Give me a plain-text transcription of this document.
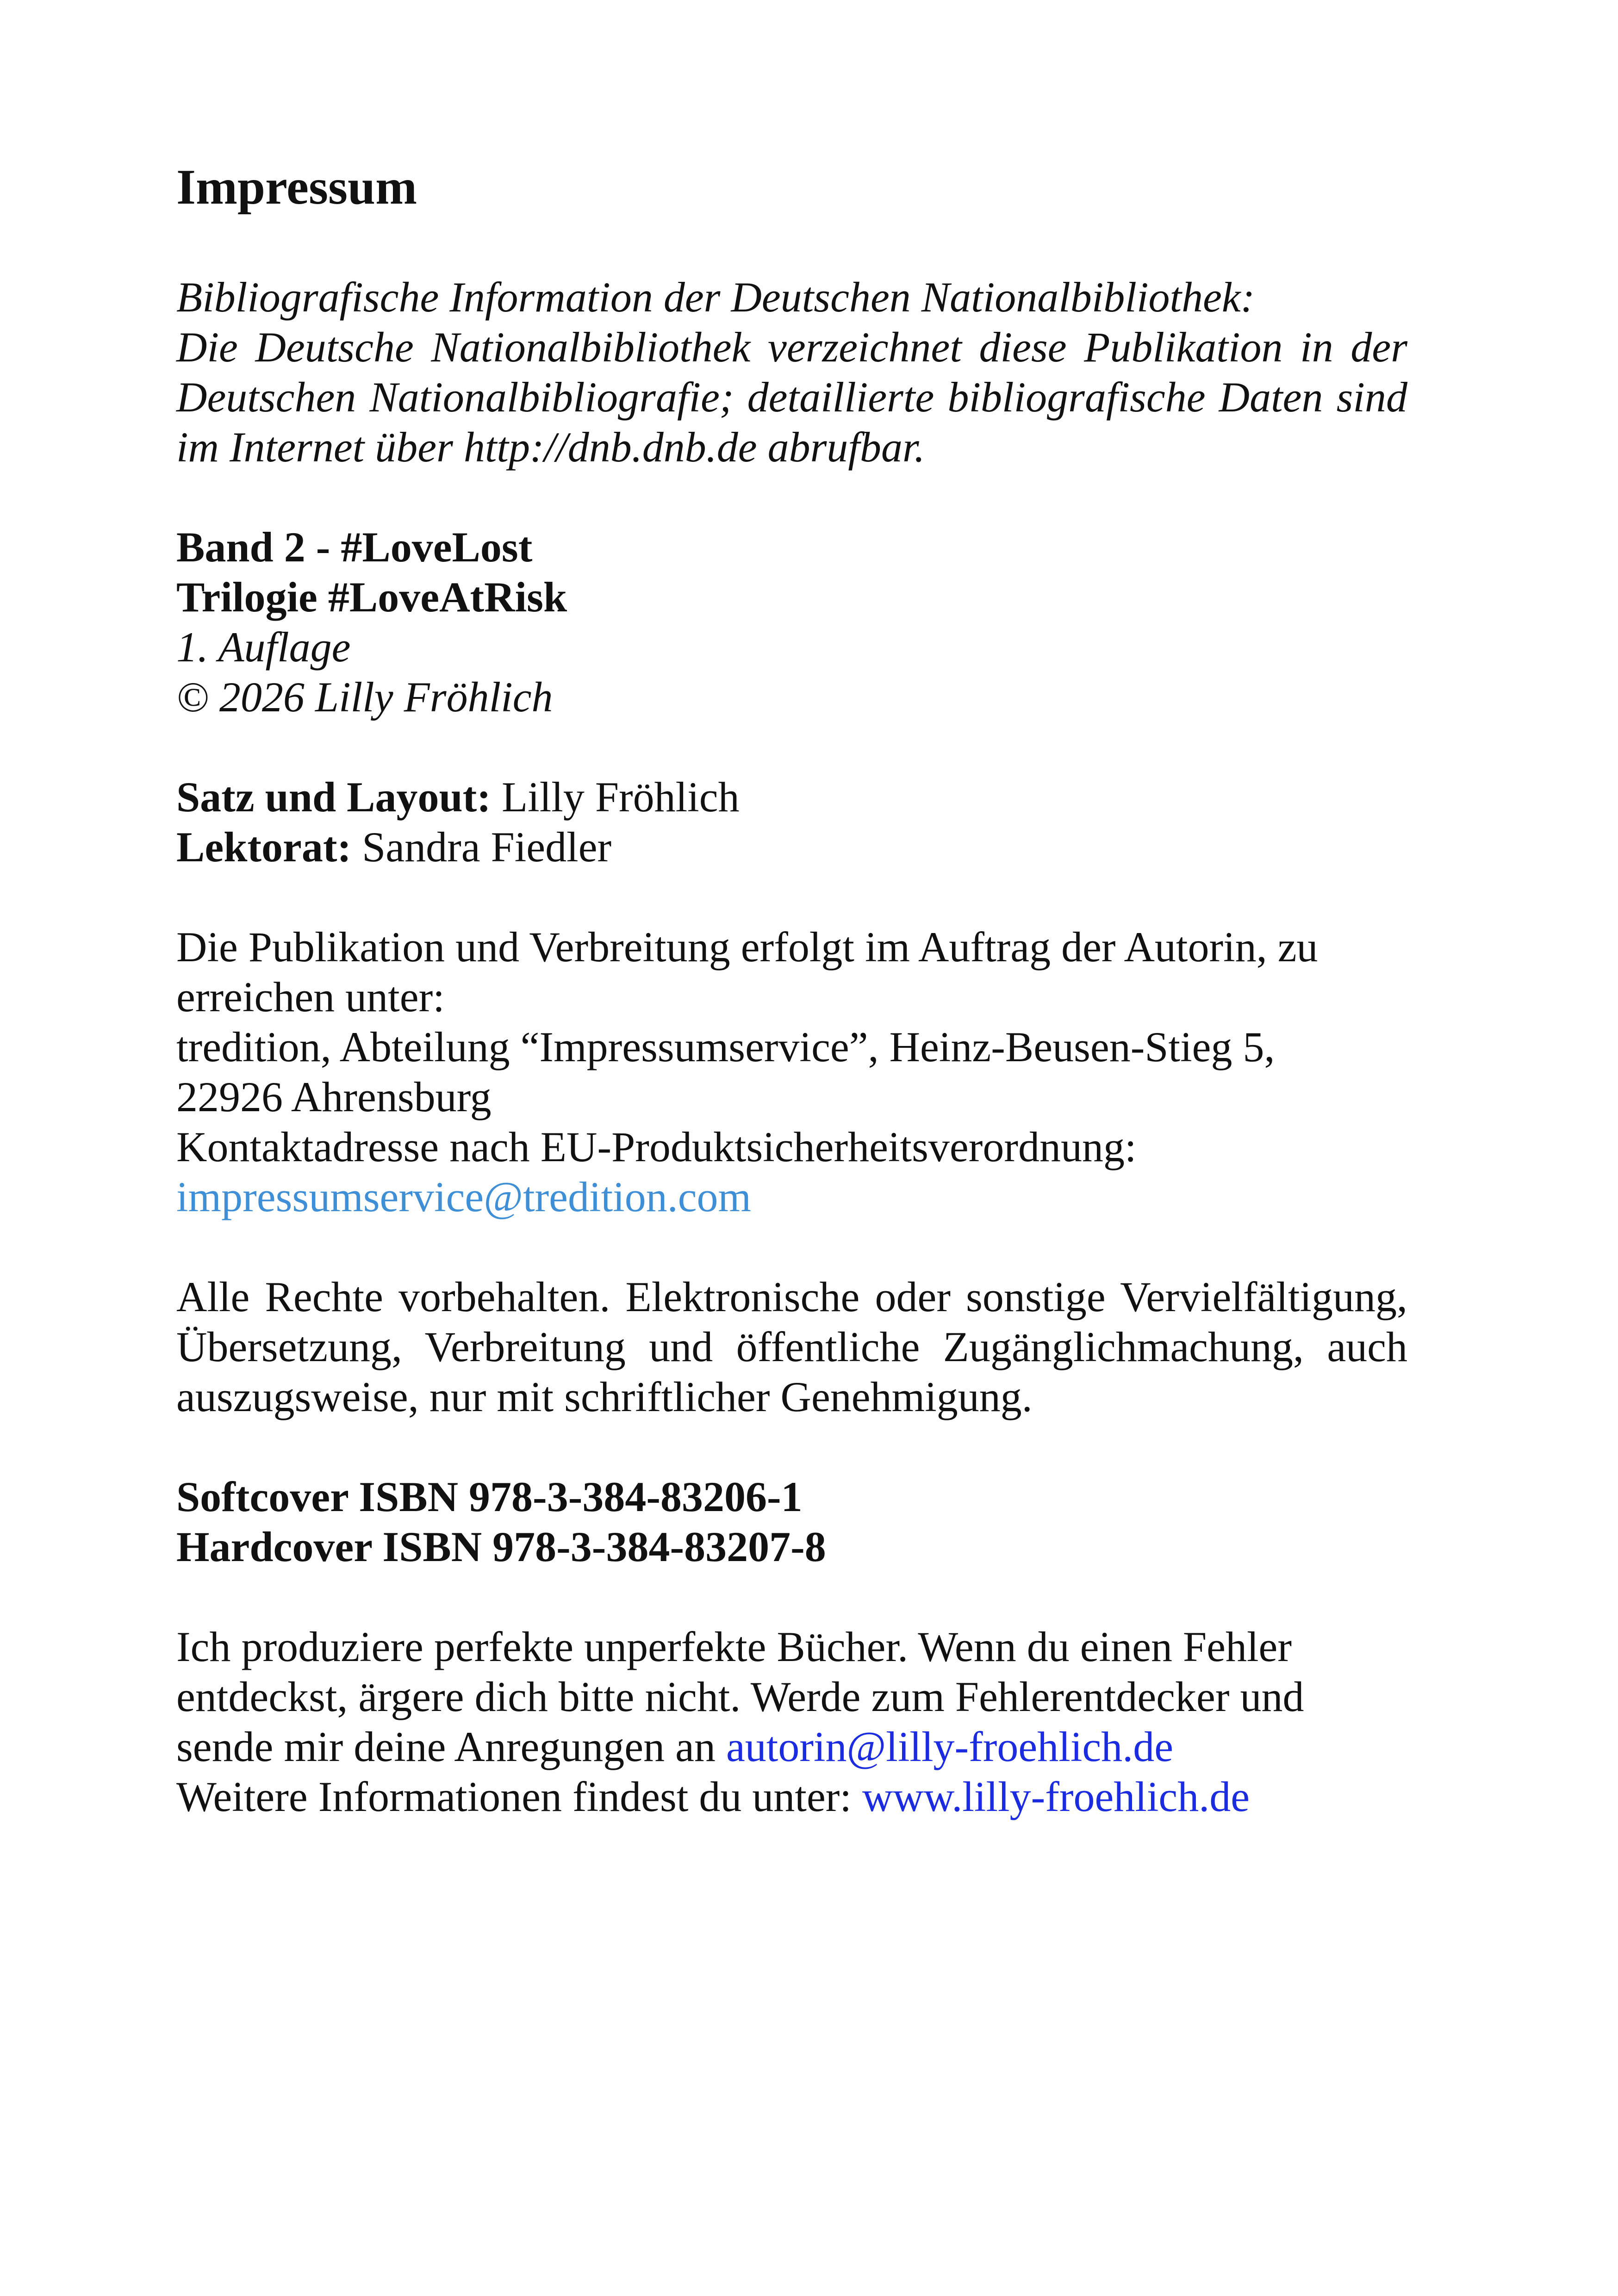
Impressum
Bibliografische Information der Deutschen Nationalbibliothek:
Die Deutsche Nationalbibliothek verzeichnet diese Publikation in der Deutschen Nationalbibliografie; detaillierte bibliografische Daten sind im Internet über http://dnb.dnb.de abrufbar.
Band 2 - #LoveLost
Trilogie #LoveAtRisk
1. Auflage
© 2026 Lilly Fröhlich
Satz und Layout: Lilly Fröhlich
Lektorat: Sandra Fiedler
Die Publikation und Verbreitung erfolgt im Auftrag der Autorin, zu
erreichen unter:
tredition, Abteilung “Impressumservice”, Heinz-Beusen-Stieg 5,
22926 Ahrensburg
Kontaktadresse nach EU-Produktsicherheitsverordnung:
impressumservice@tredition.com
Alle Rechte vorbehalten. Elektronische oder sonstige Vervielfältigung, Übersetzung, Verbreitung und öffentliche Zugänglichmachung, auch auszugsweise, nur mit schriftlicher Genehmigung.
Softcover ISBN 978-3-384-83206-1
Hardcover ISBN 978-3-384-83207-8
Ich produziere perfekte unperfekte Bücher. Wenn du einen Fehler entdeckst, ärgere dich bitte nicht. Werde zum Fehlerentdecker und sende mir deine Anregungen an autorin@lilly-froehlich.de
Weitere Informationen findest du unter: www.lilly-froehlich.de
